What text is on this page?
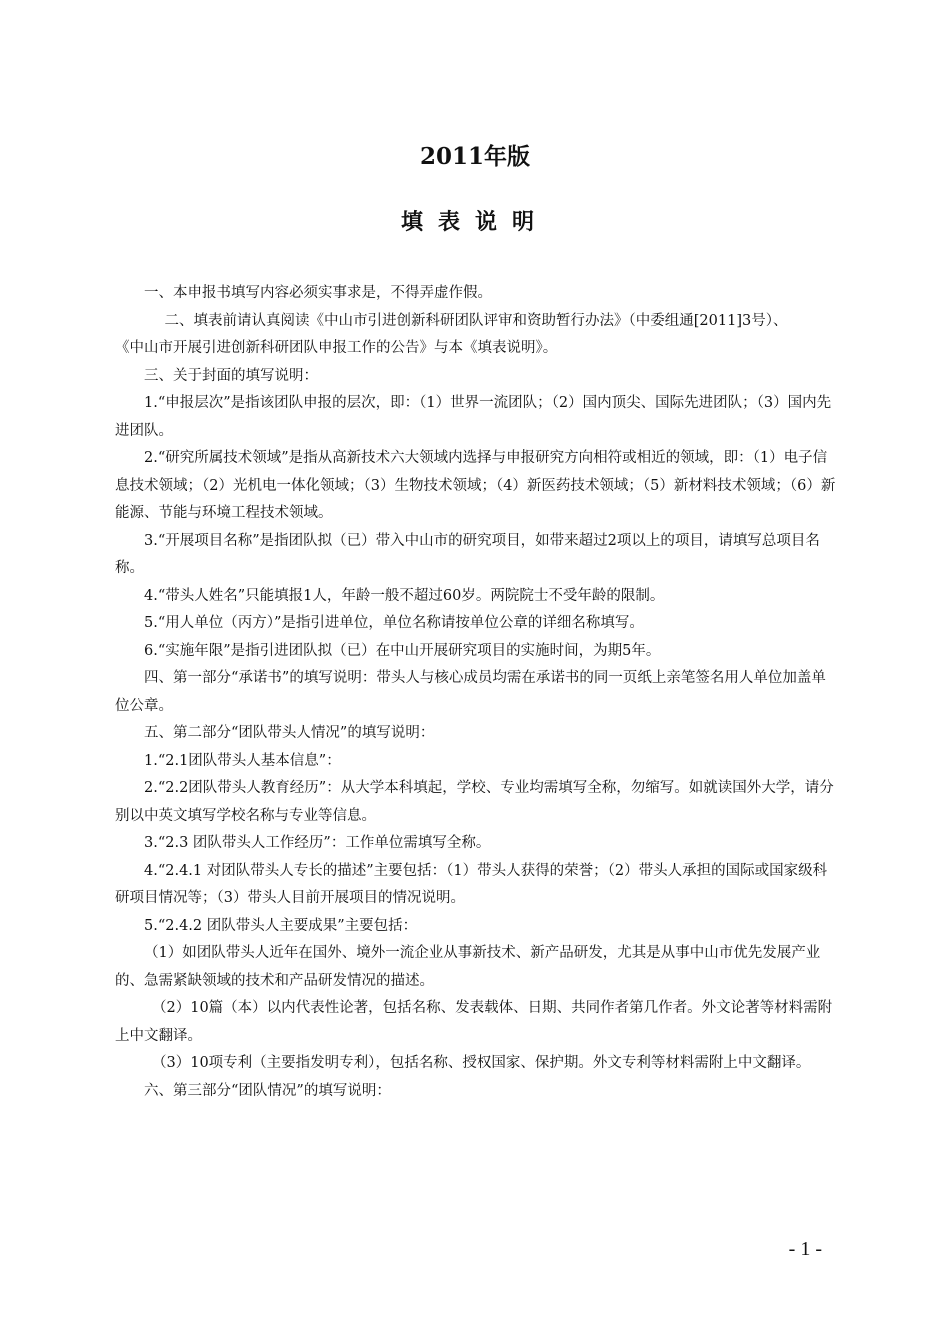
2011年版
填表说明

一、本申报书填写内容必须实事求是，不得弄虚作假。

二、填表前请认真阅读《中山市引进创新科研团队评审和资助暂行办法》（中委组通[2011]3号）、

《中山市开展引进创新科研团队申报工作的公告》与本《填表说明》。

三、关于封面的填写说明：

1.“申报层次”是指该团队申报的层次，即：（1）世界一流团队；（2）国内顶尖、国际先进团队；（3）国内先进团队。

2.“研究所属技术领域”是指从高新技术六大领域内选择与申报研究方向相符或相近的领域，即：（1）电子信息技术领域；（2）光机电一体化领域；（3）生物技术领域；（4）新医药技术领域；（5）新材料技术领域；（6）新能源、节能与环境工程技术领域。

3.“开展项目名称”是指团队拟（已）带入中山市的研究项目，如带来超过2项以上的项目，请填写总项目名称。

4.“带头人姓名”只能填报1人，年龄一般不超过60岁。两院院士不受年龄的限制。

5.“用人单位（丙方）”是指引进单位，单位名称请按单位公章的详细名称填写。

6.“实施年限”是指引进团队拟（已）在中山开展研究项目的实施时间，为期5年。

四、第一部分“承诺书”的填写说明：带头人与核心成员均需在承诺书的同一页纸上亲笔签名用人单位加盖单位公章。

五、第二部分“团队带头人情况”的填写说明：

1.“2.1团队带头人基本信息”：

2.“2.2团队带头人教育经历”：从大学本科填起，学校、专业均需填写全称，勿缩写。如就读国外大学，请分别以中英文填写学校名称与专业等信息。

3.“2.3 团队带头人工作经历”：工作单位需填写全称。

4.“2.4.1 对团队带头人专长的描述”主要包括：（1）带头人获得的荣誉；（2）带头人承担的国际或国家级科研项目情况等；（3）带头人目前开展项目的情况说明。

5.“2.4.2 团队带头人主要成果”主要包括：

（1）如团队带头人近年在国外、境外一流企业从事新技术、新产品研发，尤其是从事中山市优先发展产业的、急需紧缺领域的技术和产品研发情况的描述。

（2）10篇（本）以内代表性论著，包括名称、发表载体、日期、共同作者第几作者。外文论著等材料需附上中文翻译。

（3）10项专利（主要指发明专利），包括名称、授权国家、保护期。外文专利等材料需附上中文翻译。

六、第三部分“团队情况”的填写说明：

- 1 -
